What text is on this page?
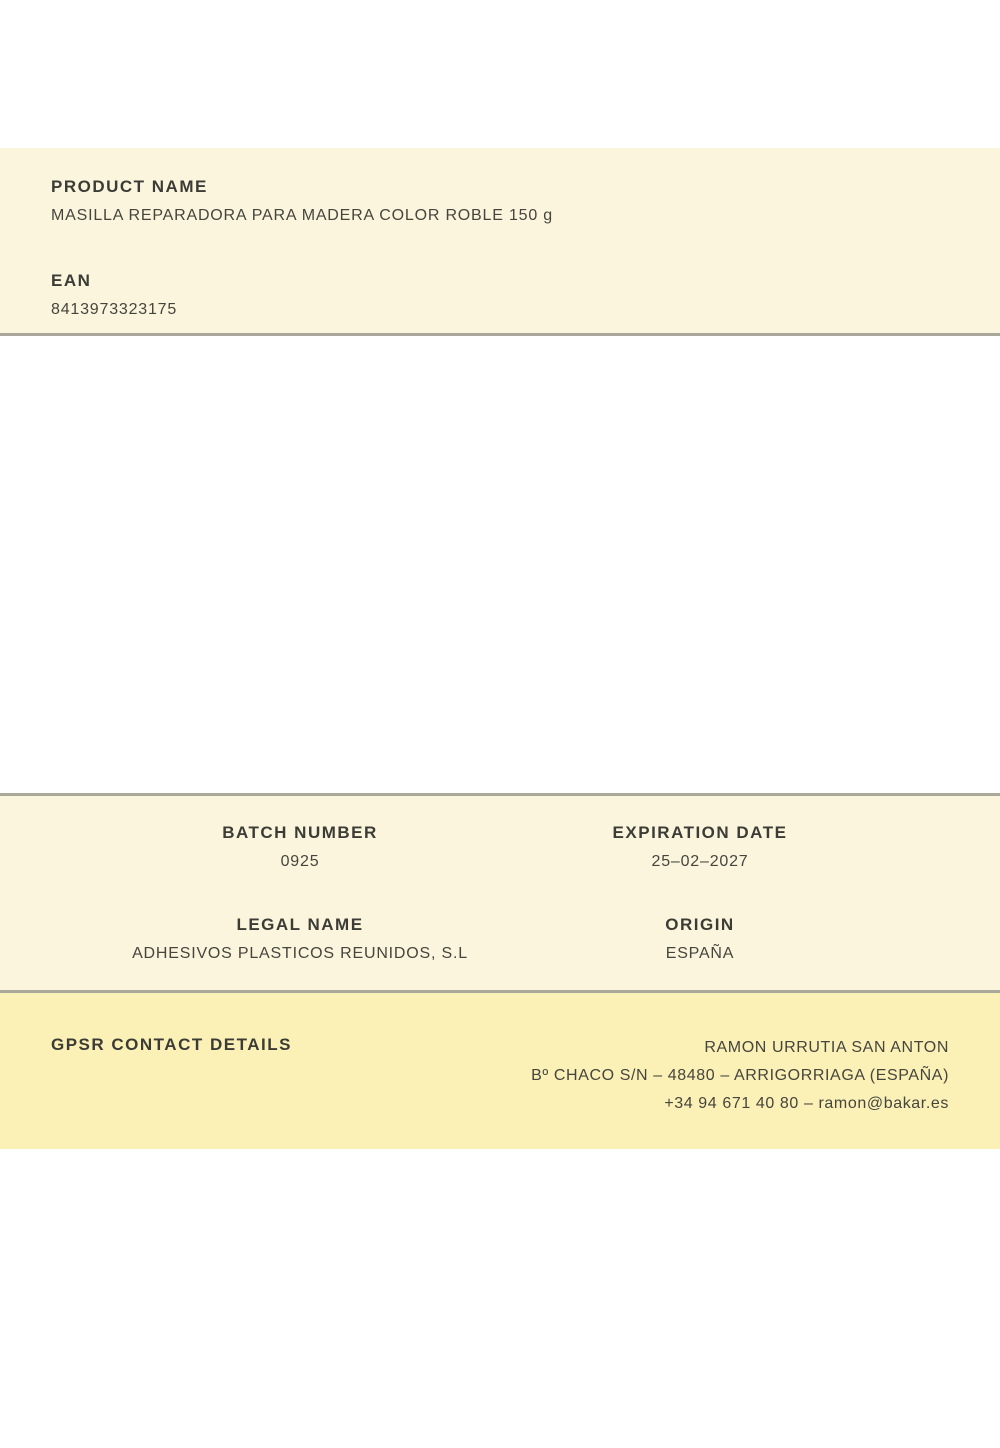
PRODUCT NAME
MASILLA REPARADORA PARA MADERA COLOR ROBLE 150 g
EAN
8413973323175
BATCH NUMBER
0925
EXPIRATION DATE
25–02–2027
LEGAL NAME
ADHESIVOS PLASTICOS REUNIDOS, S.L
ORIGIN
ESPAÑA
GPSR CONTACT DETAILS	RAMON URRUTIA SAN ANTON
Bº CHACO S/N – 48480 – ARRIGORRIAGA (ESPAÑA)
+34 94 671 40 80 – ramon@bakar.es
